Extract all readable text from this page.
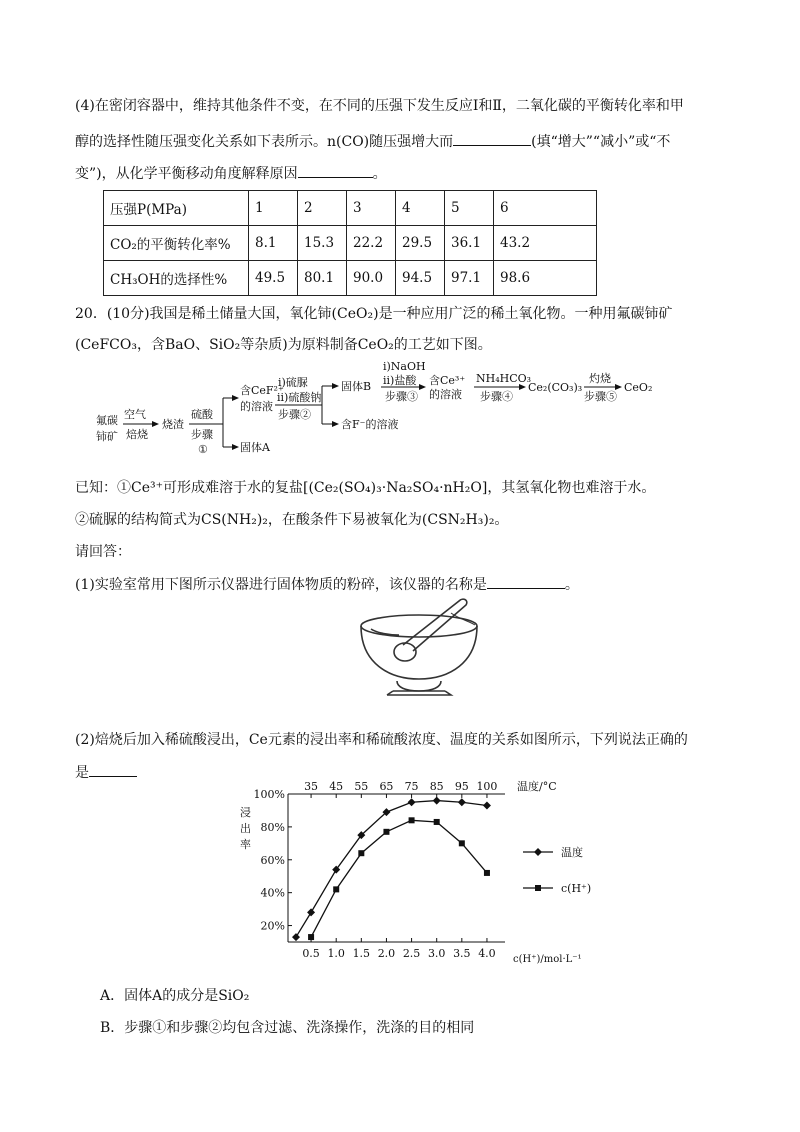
(4)在密闭容器中，维持其他条件不变，在不同的压强下发生反应Ⅰ和Ⅱ，二氧化碳的平衡转化率和甲
醇的选择性随压强变化关系如下表所示。n(CO)随压强增大而	(填“增大”“减小”或“不
变”)，从化学平衡移动角度解释原因	。
压强P(MPa)	1	2	3	4	5	6
CO₂的平衡转化率%	8.1	15.3	22.2	29.5	36.1	43.2
CH₃OH的选择性%	49.5	80.1	90.0	94.5	97.1	98.6
20．(10分)我国是稀土储量大国，氧化铈(CeO₂)是一种应用广泛的稀土氧化物。一种用氟碳铈矿
(CeFCO₃，含BaO、SiO₂等杂质)为原料制备CeO₂的工艺如下图。
氟碳
铈矿
空气
焙烧
烧渣
硫酸
步骤
①	固体A
含CeF²⁺
的溶液
i)硫脲
ii)硫酸钠
步骤②
含F⁻的溶液
固体B
i)NaOH
ii)盐酸
步骤③
含Ce³⁺
的溶液
NH₄HCO₃
步骤④
Ce₂(CO₃)₃
灼烧
步骤⑤
CeO₂
已知：①Ce³⁺可形成难溶于水的复盐[(Ce₂(SO₄)₃·Na₂SO₄·nH₂O]，其氢氧化物也难溶于水。
②硫脲的结构简式为CS(NH₂)₂，在酸条件下易被氧化为(CSN₂H₃)₂。
请回答：
(1)实验室常用下图所示仪器进行固体物质的粉碎，该仪器的名称是	。
(2)焙烧后加入稀硫酸浸出，Ce元素的浸出率和稀硫酸浓度、温度的关系如图所示，下列说法正确的
是
20%
40%
60%
80%
100%
0.5 1.0 1.5 2.0 2.5 3.0 3.5 4.0 c(H⁺)/mol·L⁻¹
35 45 55 65 75 85 95 100 温度/°C
温度
c(H⁺)
浸
出
率
A．固体A的成分是SiO₂
B．步骤①和步骤②均包含过滤、洗涤操作，洗涤的目的相同
